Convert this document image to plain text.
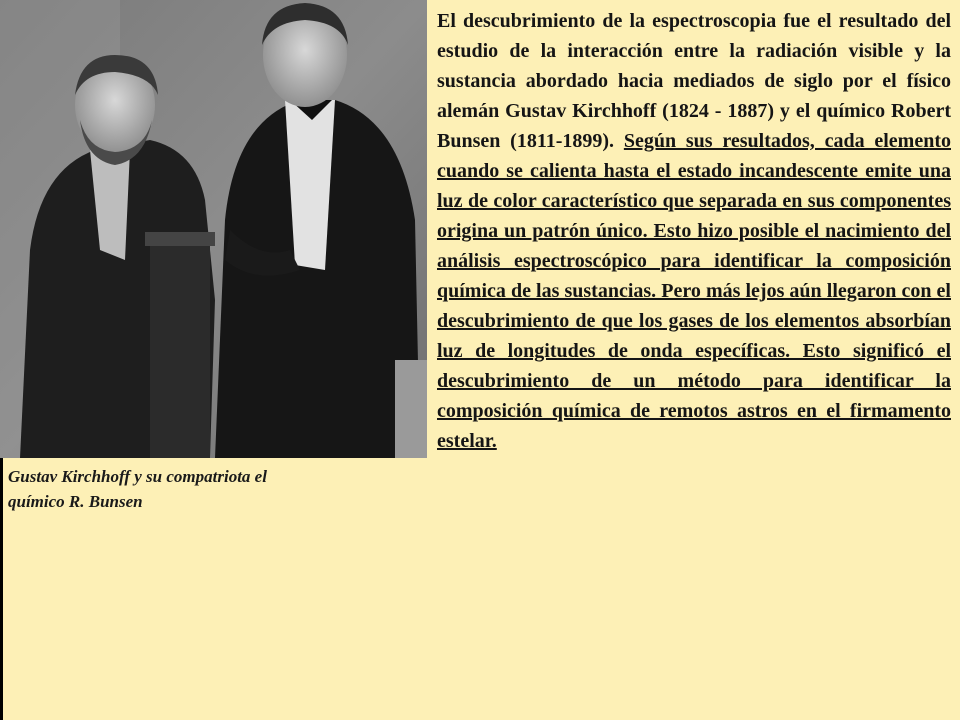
Gustav Kirchhoff y su compatriota el
químico R. Bunsen
El descubrimiento de la espectroscopia fue el resultado del estudio de la interacción entre la radiación visible y la sustancia abordado hacia mediados de siglo por el físico alemán Gustav Kirchhoff (1824 - 1887) y el químico Robert Bunsen (1811-1899). Según sus resultados, cada elemento cuando se calienta hasta el estado incandescente emite una luz de color característico que separada en sus componentes origina un patrón único. Esto hizo posible el nacimiento del análisis espectroscópico para identificar la composición química de las sustancias. Pero más lejos aún llegaron con el descubrimiento de que los gases de los elementos absorbían luz de longitudes de onda específicas. Esto significó el descubrimiento de un método para identificar la composición química de remotos astros en el firmamento estelar.
